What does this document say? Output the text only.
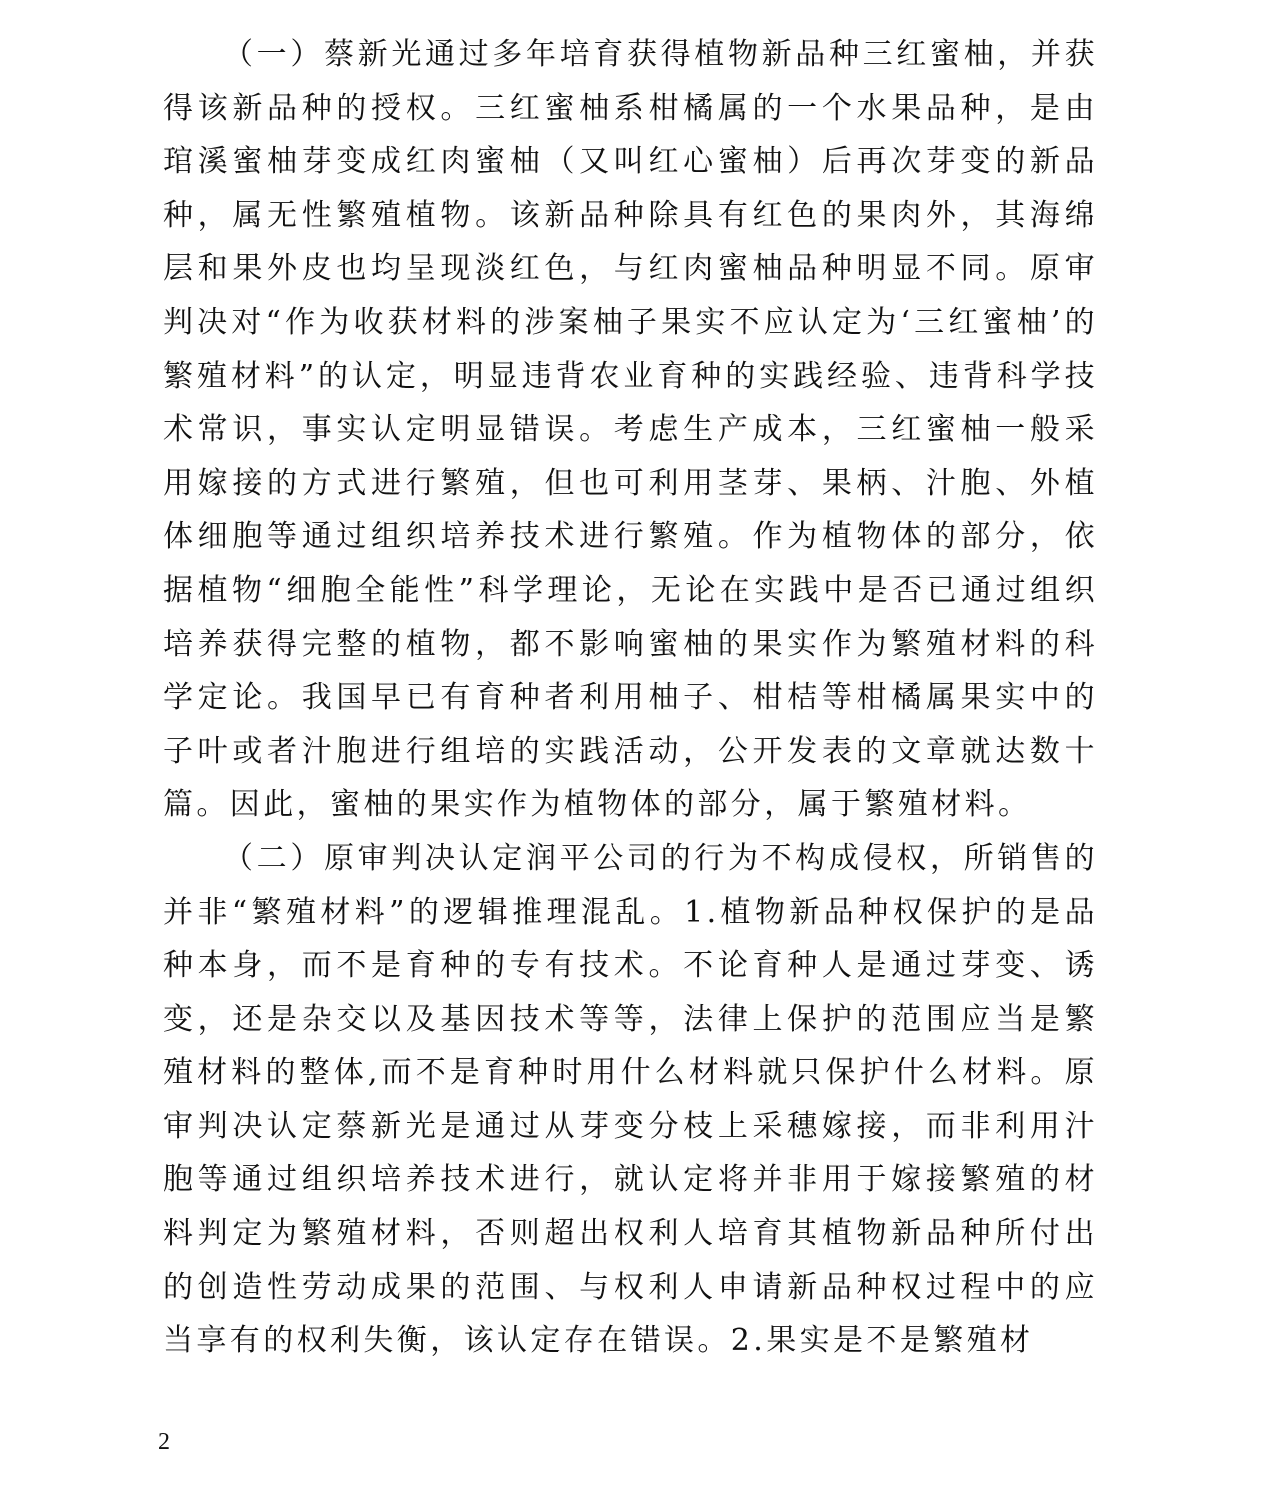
（一）蔡新光通过多年培育获得植物新品种三红蜜柚，并获得该新品种的授权。三红蜜柚系柑橘属的一个水果品种，是由琯溪蜜柚芽变成红肉蜜柚（又叫红心蜜柚）后再次芽变的新品种，属无性繁殖植物。该新品种除具有红色的果肉外，其海绵层和果外皮也均呈现淡红色，与红肉蜜柚品种明显不同。原审判决对“作为收获材料的涉案柚子果实不应认定为‘三红蜜柚’的繁殖材料”的认定，明显违背农业育种的实践经验、违背科学技术常识，事实认定明显错误。考虑生产成本，三红蜜柚一般采用嫁接的方式进行繁殖，但也可利用茎芽、果柄、汁胞、外植体细胞等通过组织培养技术进行繁殖。作为植物体的部分，依据植物“细胞全能性”科学理论，无论在实践中是否已通过组织培养获得完整的植物，都不影响蜜柚的果实作为繁殖材料的科学定论。我国早已有育种者利用柚子、柑桔等柑橘属果实中的子叶或者汁胞进行组培的实践活动，公开发表的文章就达数十篇。因此，蜜柚的果实作为植物体的部分，属于繁殖材料。

（二）原审判决认定润平公司的行为不构成侵权，所销售的并非“繁殖材料”的逻辑推理混乱。1.植物新品种权保护的是品种本身，而不是育种的专有技术。不论育种人是通过芽变、诱变，还是杂交以及基因技术等等，法律上保护的范围应当是繁殖材料的整体,而不是育种时用什么材料就只保护什么材料。原审判决认定蔡新光是通过从芽变分枝上采穗嫁接，而非利用汁胞等通过组织培养技术进行，就认定将并非用于嫁接繁殖的材料判定为繁殖材料，否则超出权利人培育其植物新品种所付出的创造性劳动成果的范围、与权利人申请新品种权过程中的应当享有的权利失衡，该认定存在错误。2.果实是不是繁殖材

2
